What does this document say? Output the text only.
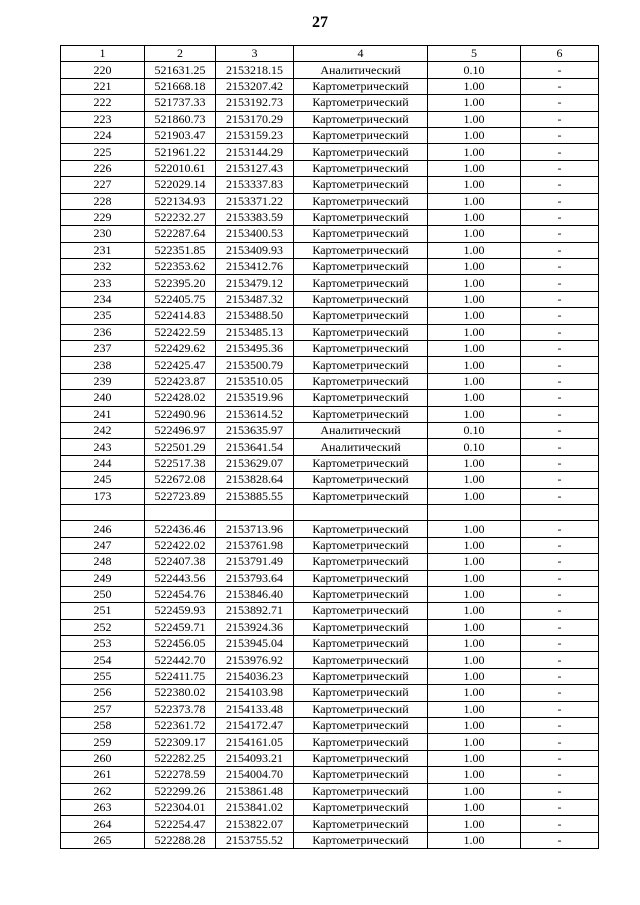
27
1	2	3	4	5	6
220	521631.25	2153218.15	Аналитический	0.10	-
221	521668.18	2153207.42	Картометрический	1.00	-
222	521737.33	2153192.73	Картометрический	1.00	-
223	521860.73	2153170.29	Картометрический	1.00	-
224	521903.47	2153159.23	Картометрический	1.00	-
225	521961.22	2153144.29	Картометрический	1.00	-
226	522010.61	2153127.43	Картометрический	1.00	-
227	522029.14	2153337.83	Картометрический	1.00	-
228	522134.93	2153371.22	Картометрический	1.00	-
229	522232.27	2153383.59	Картометрический	1.00	-
230	522287.64	2153400.53	Картометрический	1.00	-
231	522351.85	2153409.93	Картометрический	1.00	-
232	522353.62	2153412.76	Картометрический	1.00	-
233	522395.20	2153479.12	Картометрический	1.00	-
234	522405.75	2153487.32	Картометрический	1.00	-
235	522414.83	2153488.50	Картометрический	1.00	-
236	522422.59	2153485.13	Картометрический	1.00	-
237	522429.62	2153495.36	Картометрический	1.00	-
238	522425.47	2153500.79	Картометрический	1.00	-
239	522423.87	2153510.05	Картометрический	1.00	-
240	522428.02	2153519.96	Картометрический	1.00	-
241	522490.96	2153614.52	Картометрический	1.00	-
242	522496.97	2153635.97	Аналитический	0.10	-
243	522501.29	2153641.54	Аналитический	0.10	-
244	522517.38	2153629.07	Картометрический	1.00	-
245	522672.08	2153828.64	Картометрический	1.00	-
173	522723.89	2153885.55	Картометрический	1.00	-

246	522436.46	2153713.96	Картометрический	1.00	-
247	522422.02	2153761.98	Картометрический	1.00	-
248	522407.38	2153791.49	Картометрический	1.00	-
249	522443.56	2153793.64	Картометрический	1.00	-
250	522454.76	2153846.40	Картометрический	1.00	-
251	522459.93	2153892.71	Картометрический	1.00	-
252	522459.71	2153924.36	Картометрический	1.00	-
253	522456.05	2153945.04	Картометрический	1.00	-
254	522442.70	2153976.92	Картометрический	1.00	-
255	522411.75	2154036.23	Картометрический	1.00	-
256	522380.02	2154103.98	Картометрический	1.00	-
257	522373.78	2154133.48	Картометрический	1.00	-
258	522361.72	2154172.47	Картометрический	1.00	-
259	522309.17	2154161.05	Картометрический	1.00	-
260	522282.25	2154093.21	Картометрический	1.00	-
261	522278.59	2154004.70	Картометрический	1.00	-
262	522299.26	2153861.48	Картометрический	1.00	-
263	522304.01	2153841.02	Картометрический	1.00	-
264	522254.47	2153822.07	Картометрический	1.00	-
265	522288.28	2153755.52	Картометрический	1.00	-
